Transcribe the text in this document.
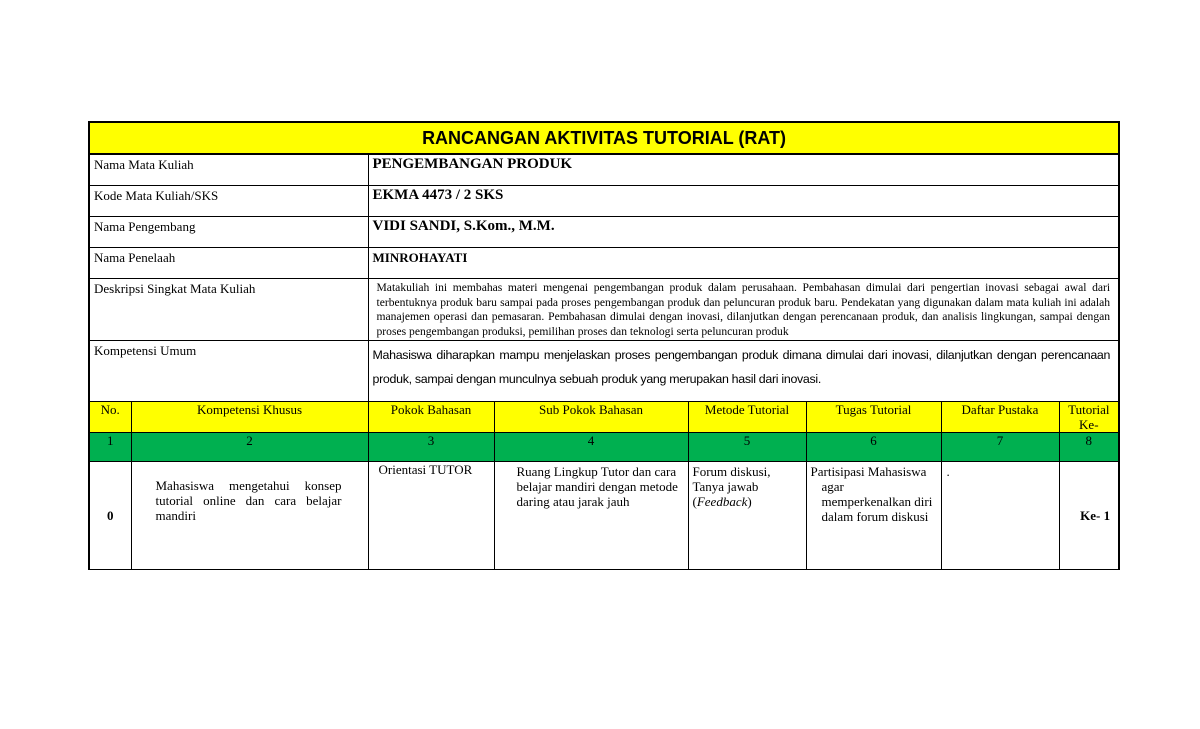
RANCANGAN AKTIVITAS TUTORIAL (RAT)							
Nama Mata Kuliah		PENGEMBANGAN PRODUK					
Kode Mata Kuliah/SKS		EKMA 4473 / 2 SKS					
Nama Pengembang		VIDI SANDI, S.Kom., M.M.					
Nama Penelaah		MINROHAYATI					
Deskripsi Singkat Mata Kuliah		Matakuliah ini membahas materi mengenai pengembangan produk dalam perusahaan. Pembahasan dimulai dari pengertian inovasi sebagai awal dari terbentuknya produk baru sampai pada proses pengembangan produk dan peluncuran produk baru. Pendekatan yang digunakan dalam mata kuliah ini adalah manajemen operasi dan pemasaran. Pembahasan dimulai dengan inovasi, dilanjutkan dengan perencanaan produk, dan analisis lingkungan, sampai dengan proses pengembangan produksi, pemilihan proses dan teknologi serta peluncuran produk					
Kompetensi Umum		Mahasiswa diharapkan mampu menjelaskan proses pengembangan produk dimana dimulai dari inovasi, dilanjutkan dengan perencanaan produk, sampai dengan munculnya sebuah produk yang merupakan hasil dari inovasi.					
No.	Kompetensi Khusus	Pokok Bahasan	Sub Pokok Bahasan	Metode Tutorial	Tugas Tutorial	Daftar Pustaka	Tutorial Ke-
1	2	3	4	5	6	7	8
0	Mahasiswa mengetahui konsep tutorial online dan cara belajar mandiri	Orientasi TUTOR	Ruang Lingkup Tutor dan cara belajar mandiri dengan metode daring atau jarak jauh	Forum diskusi,
Tanya jawab
(Feedback)	Partisipasi Mahasiswa
agar
memperkenalkan diri
dalam forum diskusi	.	Ke- 1
